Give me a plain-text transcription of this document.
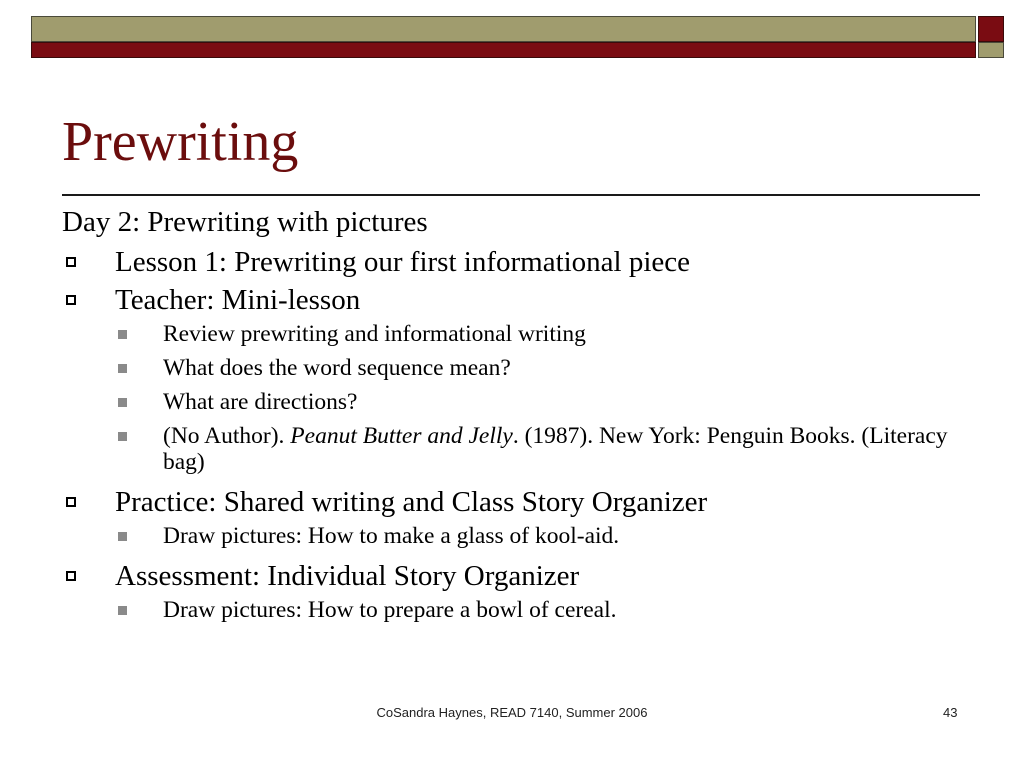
Prewriting
Day 2: Prewriting with pictures
Lesson 1: Prewriting our first informational piece
Teacher: Mini-lesson
Review prewriting and informational writing
What does the word sequence mean?
What are directions?
(No Author). Peanut Butter and Jelly. (1987). New York: Penguin Books. (Literacy bag)
Practice: Shared writing and Class Story Organizer
Draw pictures: How to make a glass of kool-aid.
Assessment: Individual Story Organizer
Draw pictures: How to prepare a bowl of cereal.
CoSandra Haynes, READ 7140, Summer 2006	43
